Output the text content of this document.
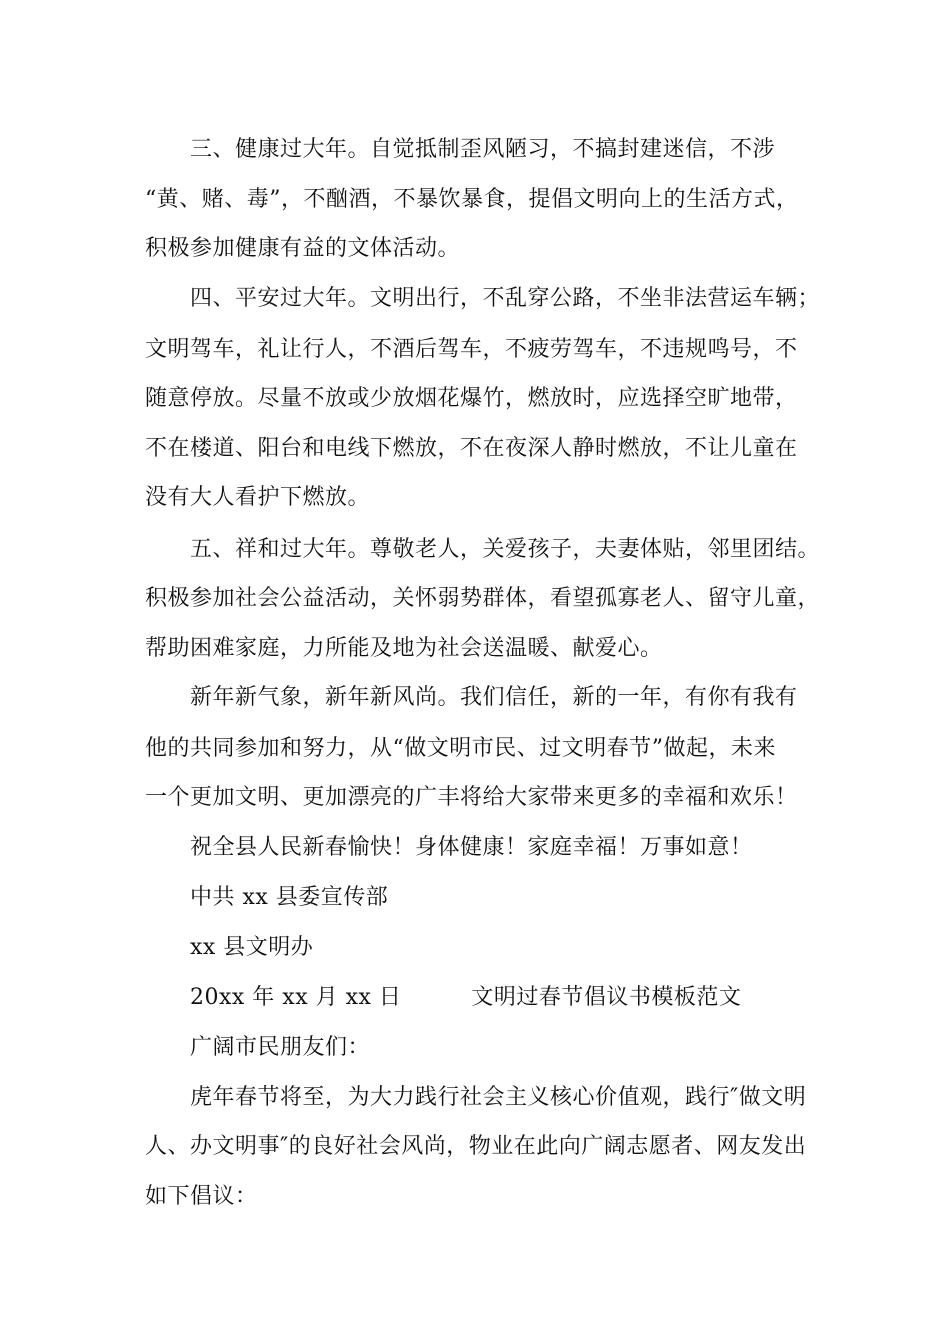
三、健康过大年。自觉抵制歪风陋习，不搞封建迷信，不涉
“黄、赌、毒”，不酗酒，不暴饮暴食，提倡文明向上的生活方式，
积极参加健康有益的文体活动。
四、平安过大年。文明出行，不乱穿公路，不坐非法营运车辆；
文明驾车，礼让行人，不酒后驾车，不疲劳驾车，不违规鸣号，不
随意停放。尽量不放或少放烟花爆竹，燃放时，应选择空旷地带，
不在楼道、阳台和电线下燃放，不在夜深人静时燃放，不让儿童在
没有大人看护下燃放。
五、祥和过大年。尊敬老人，关爱孩子，夫妻体贴，邻里团结。
积极参加社会公益活动，关怀弱势群体，看望孤寡老人、留守儿童，
帮助困难家庭，力所能及地为社会送温暖、献爱心。
新年新气象，新年新风尚。我们信任，新的一年，有你有我有
他的共同参加和努力，从“做文明市民、过文明春节”做起，未来
一个更加文明、更加漂亮的广丰将给大家带来更多的幸福和欢乐！
祝全县人民新春愉快！身体健康！家庭幸福！万事如意！
中共 xx 县委宣传部
xx 县文明办
20xx 年 xx 月 xx 日	文明过春节倡议书模板范文
广阔市民朋友们：
虎年春节将至，为大力践行社会主义核心价值观，践行″做文明
人、办文明事″的良好社会风尚，物业在此向广阔志愿者、网友发出
如下倡议：
